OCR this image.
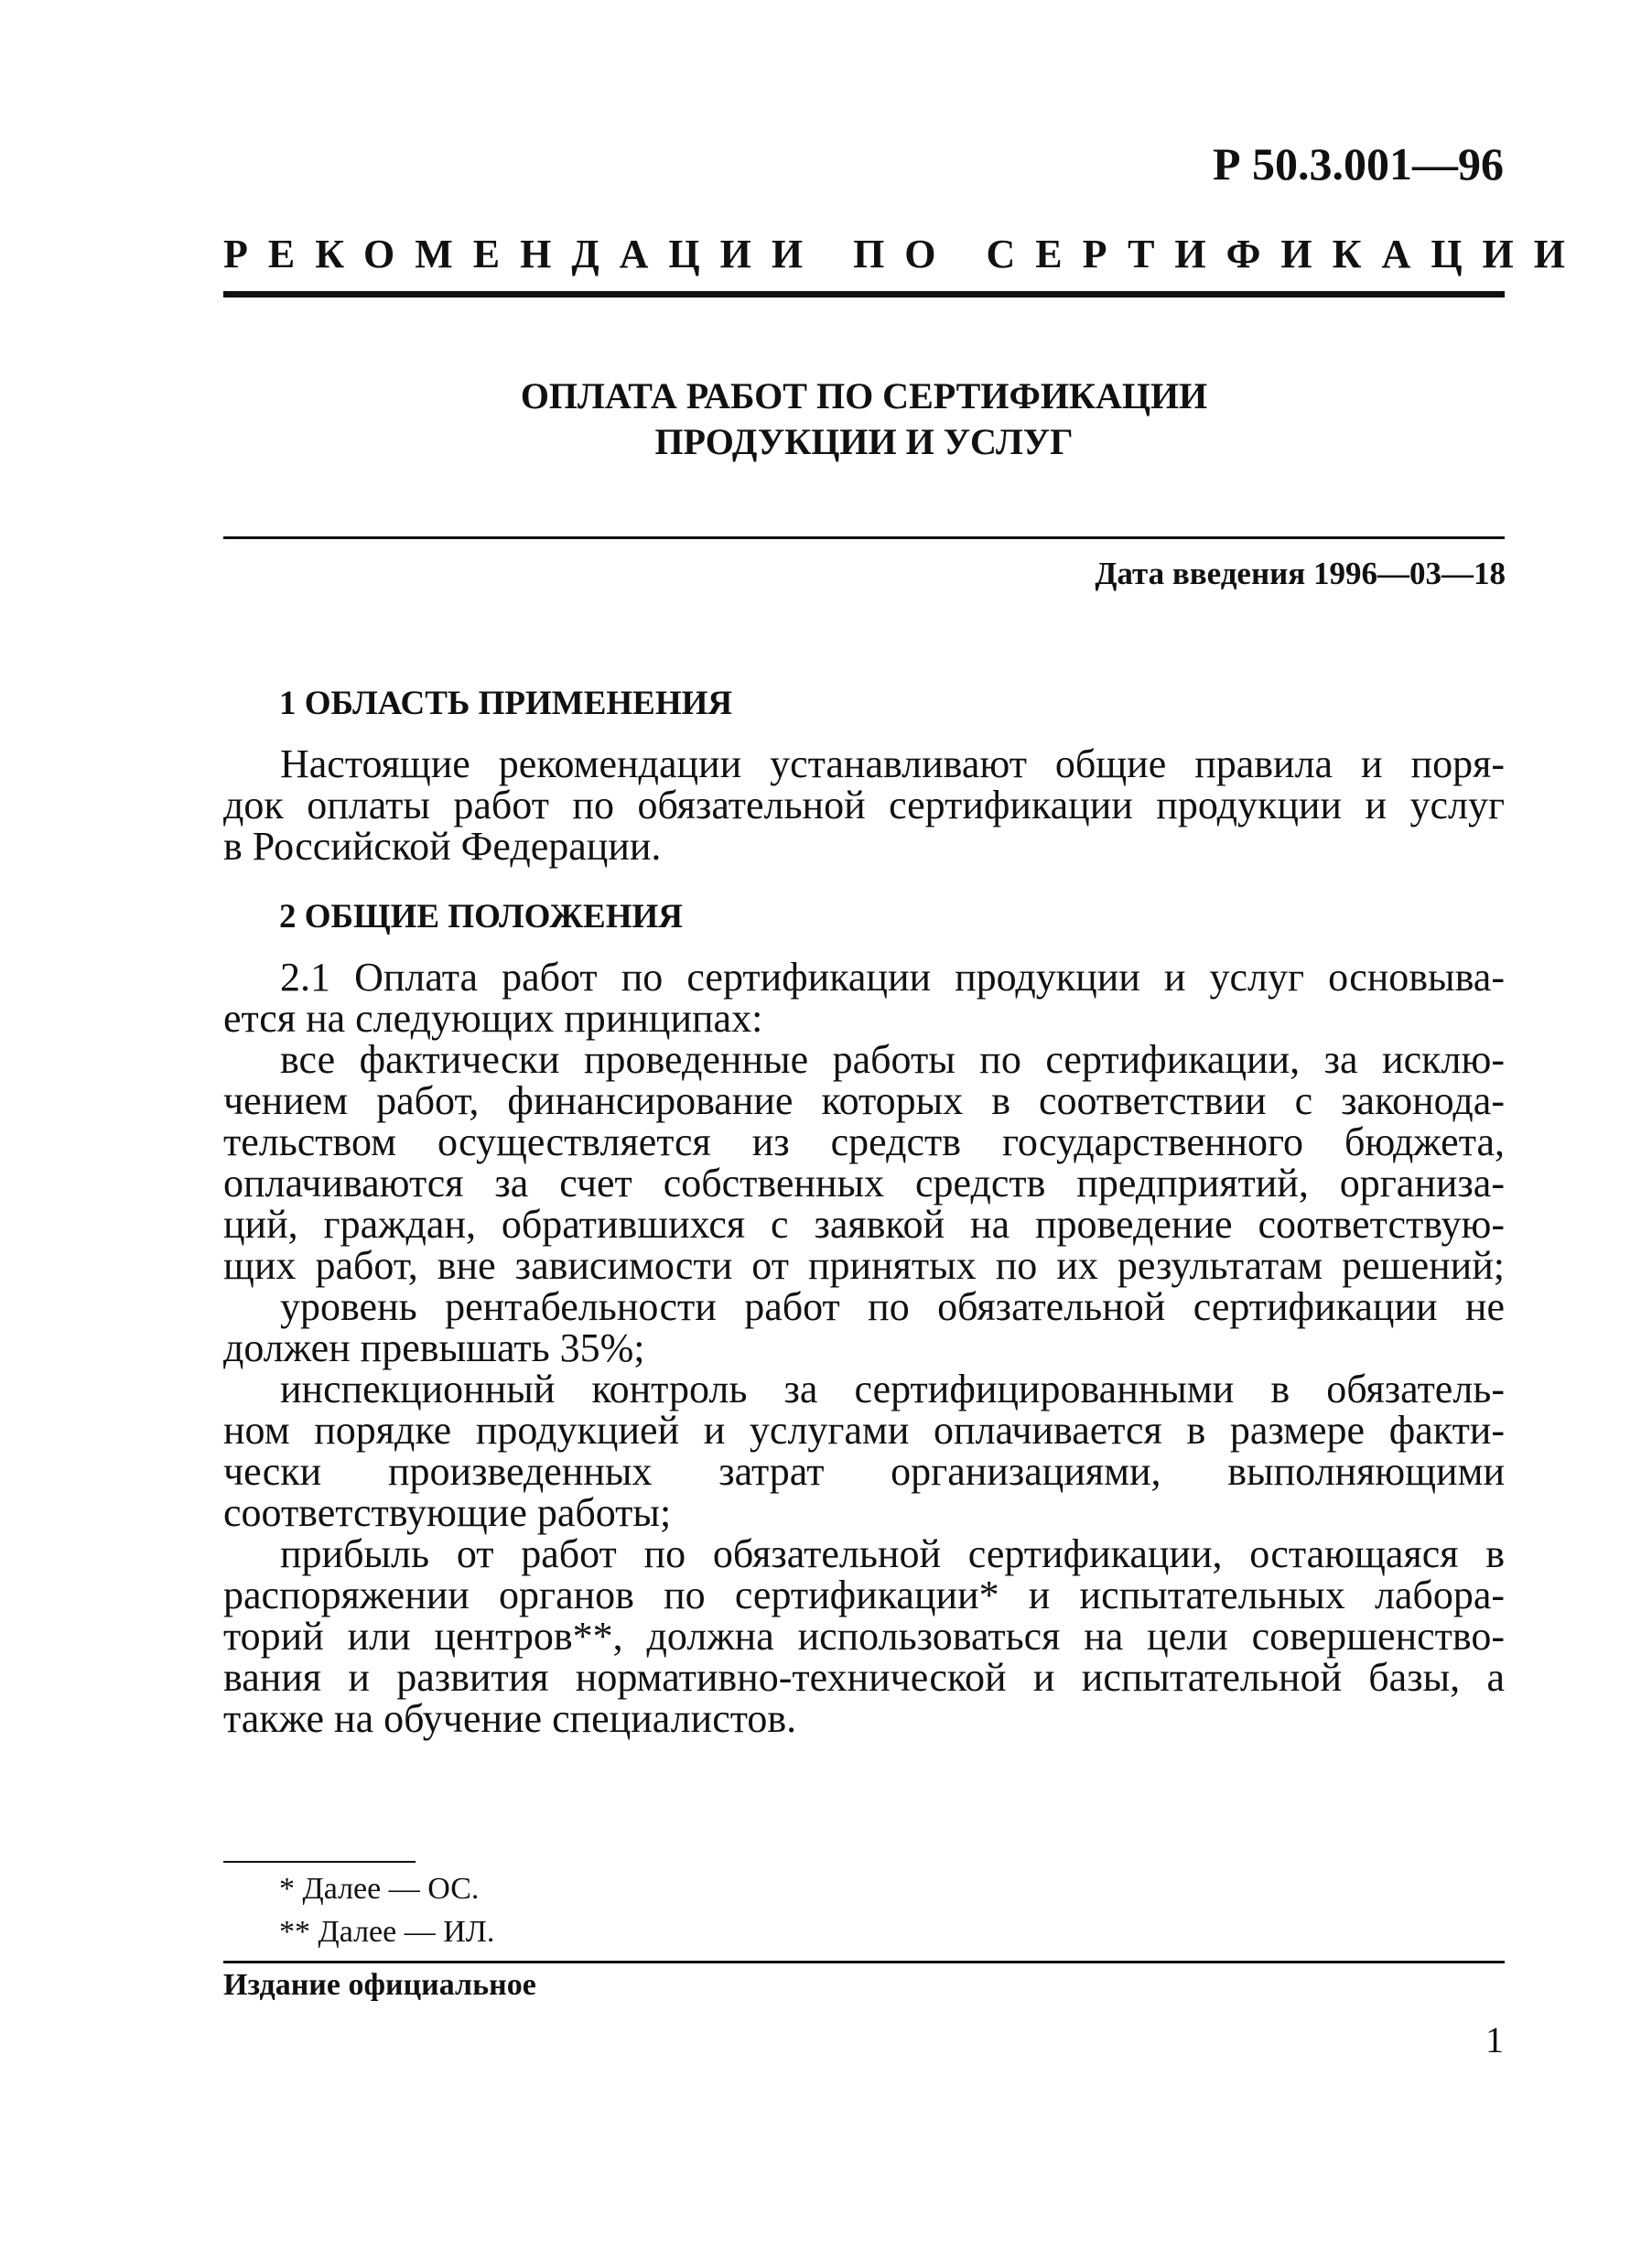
Р 50.3.001—96
РЕКОМЕНДАЦИИ ПО СЕРТИФИКАЦИИ
ОПЛАТА РАБОТ ПО СЕРТИФИКАЦИИ
ПРОДУКЦИИ И УСЛУГ
Дата введения 1996—03—18
1 ОБЛАСТЬ ПРИМЕНЕНИЯ
Настоящие рекомендации устанавливают общие правила и поря-
док оплаты работ по обязательной сертификации продукции и услуг
в Российской Федерации.
2 ОБЩИЕ ПОЛОЖЕНИЯ
2.1 Оплата работ по сертификации продукции и услуг основыва-
ется на следующих принципах:
все фактически проведенные работы по сертификации, за исклю-
чением работ, финансирование которых в соответствии с законода-
тельством осуществляется из средств государственного бюджета,
оплачиваются за счет собственных средств предприятий, организа-
ций, граждан, обратившихся с заявкой на проведение соответствую-
щих работ, вне зависимости от принятых по их результатам решений;
уровень рентабельности работ по обязательной сертификации не
должен превышать 35%;
инспекционный контроль за сертифицированными в обязатель-
ном порядке продукцией и услугами оплачивается в размере факти-
чески произведенных затрат организациями, выполняющими
соответствующие работы;
прибыль от работ по обязательной сертификации, остающаяся в
распоряжении органов по сертификации* и испытательных лабора-
торий или центров**, должна использоваться на цели совершенство-
вания и развития нормативно-технической и испытательной базы, а
также на обучение специалистов.
* Далее — ОС.
** Далее — ИЛ.
Издание официальное
1
